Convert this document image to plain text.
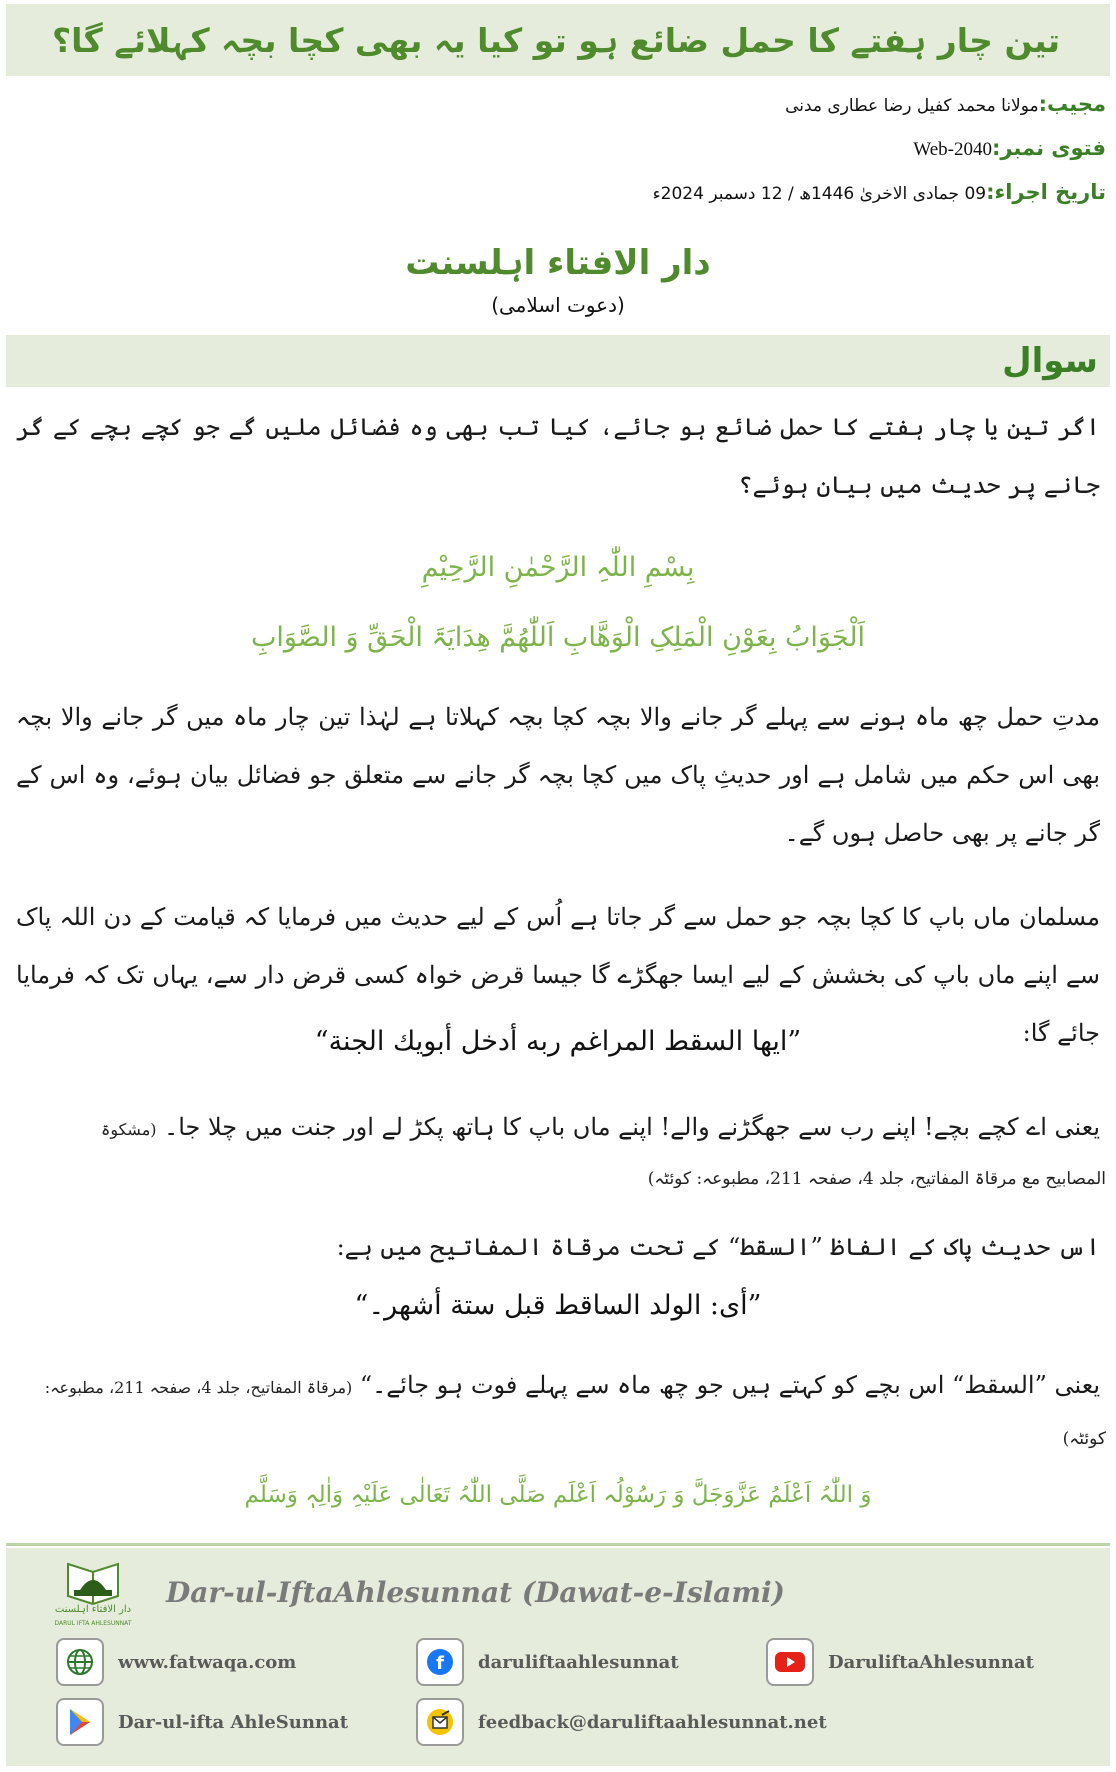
تین چار ہفتے کا حمل ضائع ہو تو کیا یہ بھی کچا بچہ کہلائے گا؟
مجیب:مولانا محمد کفیل رضا عطاری مدنی
فتوی نمبر:Web-2040
تاریخ اجراء:09 جمادی الاخریٰ 1446ھ / 12 دسمبر 2024ء
دار الافتاء اہلسنت
(دعوت اسلامی)
سوال
اگر تین یا چار ہفتے کا حمل ضائع ہو جائے، کیا تب بھی وہ فضائل ملیں گے جو کچے بچے کے گر جانے پر حدیث میں بیان ہوئے؟
بِسْمِ اللّٰہِ الرَّحْمٰنِ الرَّحِیْمِ
اَلْجَوَابُ بِعَوْنِ الْمَلِکِ الْوَھَّابِ اَللّٰھُمَّ ھِدَایَۃَ الْحَقِّ وَ الصَّوَابِ
مدتِ حمل چھ ماہ ہونے سے پہلے گر جانے والا بچہ کچا بچہ کہلاتا ہے لہٰذا تین چار ماہ میں گر جانے والا بچہ بھی اس حکم میں شامل ہے اور حدیثِ پاک میں کچا بچہ گر جانے سے متعلق جو فضائل بیان ہوئے، وہ اس کے گر جانے پر بھی حاصل ہوں گے۔
مسلمان ماں باپ کا کچا بچہ جو حمل سے گر جاتا ہے اُس کے لیے حدیث میں فرمایا کہ قیامت کے دن اللہ پاک سے اپنے ماں باپ کی بخشش کے لیے ایسا جھگڑے گا جیسا قرض خواہ کسی قرض دار سے، یہاں تک کہ فرمایا جائے گا:
”ایھا السقط المراغم ربه أدخل أبويك الجنة“
یعنی اے کچے بچے! اپنے رب سے جھگڑنے والے! اپنے ماں باپ کا ہاتھ پکڑ لے اور جنت میں چلا جا۔ (مشکوۃ
المصابیح مع مرقاۃ المفاتیح، جلد 4، صفحہ 211، مطبوعہ: کوئٹہ)
اس حدیث پاک کے الفاظ ”السقط“ کے تحت مرقاۃ المفاتیح میں ہے:
”أی: الولد الساقط قبل ستة أشهر۔“
یعنی ”السقط“ اس بچے کو کہتے ہیں جو چھ ماہ سے پہلے فوت ہو جائے۔“ (مرقاۃ المفاتیح، جلد 4، صفحہ 211، مطبوعہ:
کوئٹہ)
وَ اللّٰہُ اَعْلَمُ عَزَّوَجَلَّ وَ رَسُوْلُہ اَعْلَم صَلَّی اللّٰہُ تَعَالٰی عَلَیْہِ وَاٰلِہٖ وَسَلَّم
دار الافتاء اہلسنت
DARUL IFTA AHLESUNNAT
Dar-ul-IftaAhlesunnat (Dawat-e-Islami)
www.fatwaqa.com	f daruliftaahlesunnat	DaruliftaAhlesunnat
Dar-ul-ifta AhleSunnat	feedback@daruliftaahlesunnat.net
